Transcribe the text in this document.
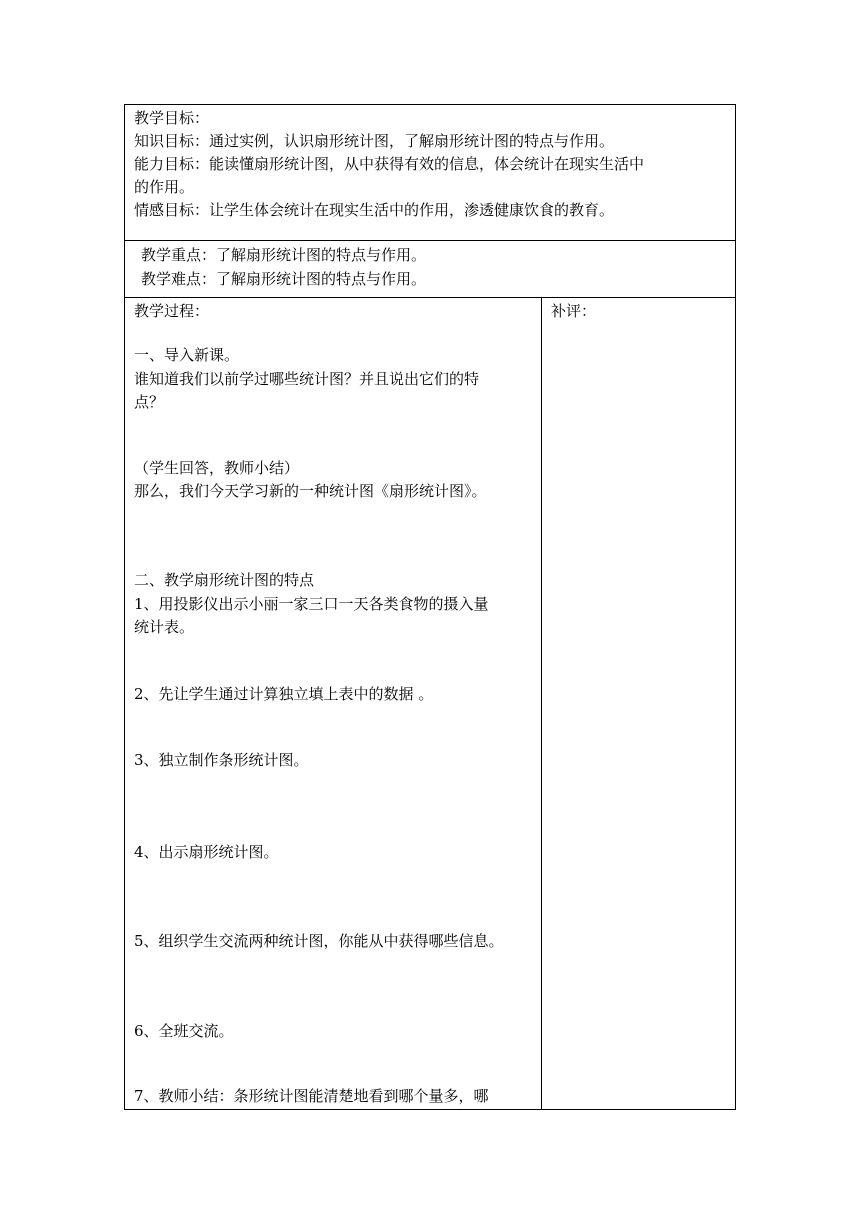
教学目标：
知识目标：通过实例，认识扇形统计图，了解扇形统计图的特点与作用。
能力目标：能读懂扇形统计图，从中获得有效的信息，体会统计在现实生活中
的作用。
情感目标：让学生体会统计在现实生活中的作用，渗透健康饮食的教育。
教学重点：了解扇形统计图的特点与作用。
教学难点：了解扇形统计图的特点与作用。
教学过程：
一、导入新课。
谁知道我们以前学过哪些统计图？并且说出它们的特
点？
（学生回答，教师小结）
那么，我们今天学习新的一种统计图《扇形统计图》。
二、教学扇形统计图的特点
1、用投影仪出示小丽一家三口一天各类食物的摄入量
统计表。
2、先让学生通过计算独立填上表中的数据 。
3、独立制作条形统计图。
4、出示扇形统计图。
5、组织学生交流两种统计图，你能从中获得哪些信息。
6、全班交流。
7、教师小结：条形统计图能清楚地看到哪个量多，哪
补评：
